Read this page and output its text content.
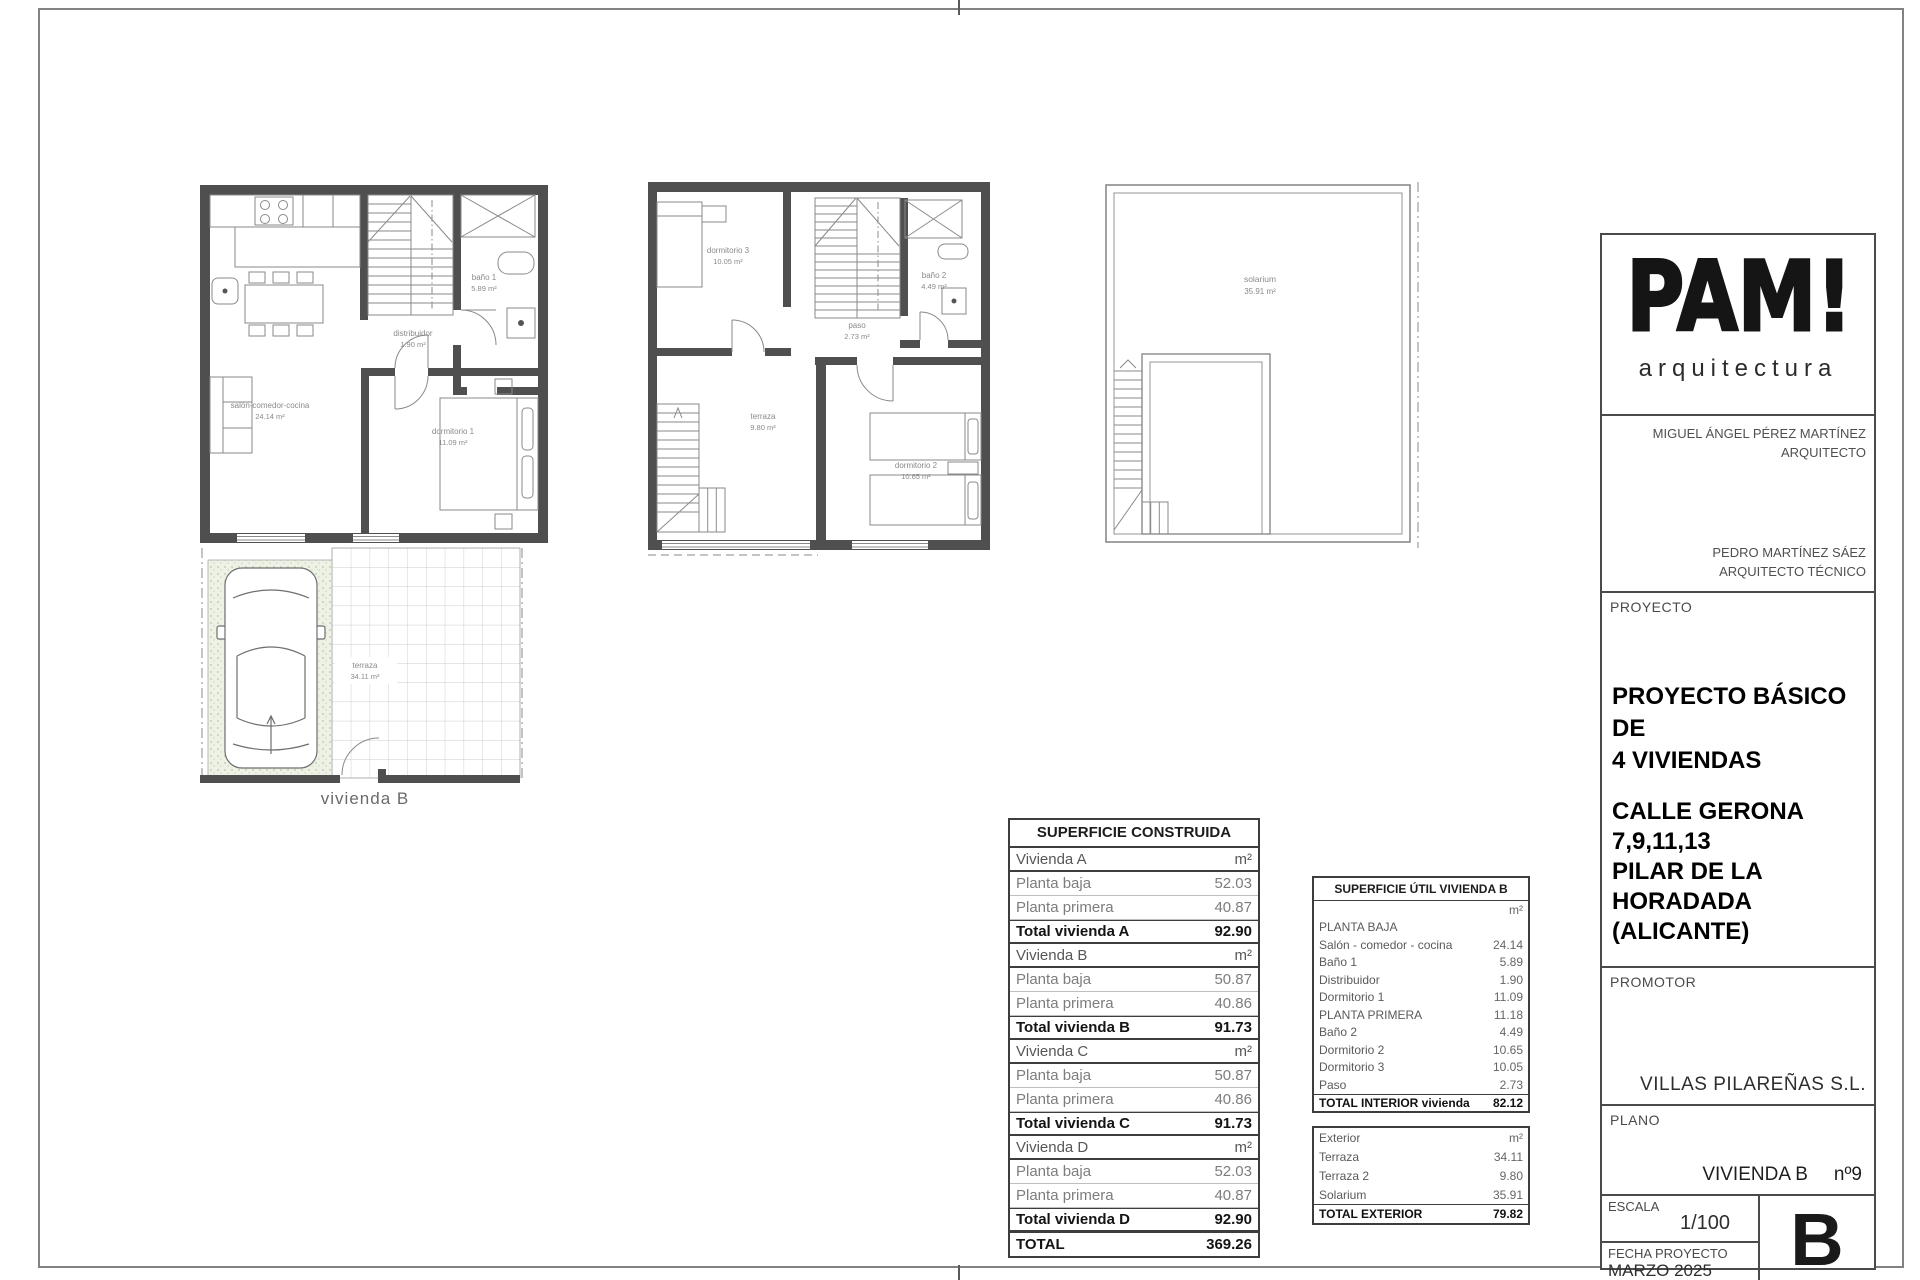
salón-comedor-cocina
24.14 m²
distribuidor
1.90 m²
baño 1
5.89 m²
dormitorio 1
11.09 m²
terraza
34.11 m²
vivienda B
dormitorio 3
10.05 m²
baño 2
4.49 m²
paso
2.73 m²
terraza
9.80 m²
dormitorio 2
10.65 m²
solarium
35.91 m²
SUPERFICIE CONSTRUIDA
Vivienda A	m²
Planta baja	52.03
Planta primera	40.87
Total vivienda A	92.90
Vivienda B	m²
Planta baja	50.87
Planta primera	40.86
Total vivienda B	91.73
Vivienda C	m²
Planta baja	50.87
Planta primera	40.86
Total vivienda C	91.73
Vivienda D	m²
Planta baja	52.03
Planta primera	40.87
Total vivienda D	92.90
TOTAL	369.26
SUPERFICIE ÚTIL VIVIENDA B
m²
PLANTA BAJA
Salón - comedor - cocina	24.14
Baño 1	5.89
Distribuidor	1.90
Dormitorio 1	11.09
PLANTA PRIMERA	11.18
Baño 2	4.49
Dormitorio 2	10.65
Dormitorio 3	10.05
Paso	2.73
TOTAL INTERIOR vivienda 82.12
Exterior	m²
Terraza	34.11
Terraza 2	9.80
Solarium	35.91
TOTAL EXTERIOR	79.82
PAM!
arquitectura
MIGUEL ÁNGEL PÉREZ MARTÍNEZ
ARQUITECTO
PEDRO MARTÍNEZ SÁEZ
ARQUITECTO TÉCNICO
PROYECTO
PROYECTO BÁSICO DE
4 VIVIENDAS
CALLE GERONA
7,9,11,13
PILAR DE LA HORADADA
(ALICANTE)
PROMOTOR
VILLAS PILAREÑAS S.L.
PLANO
VIVIENDA B nº9
ESCALA
1/100
FECHA PROYECTO
MARZO 2025 B
